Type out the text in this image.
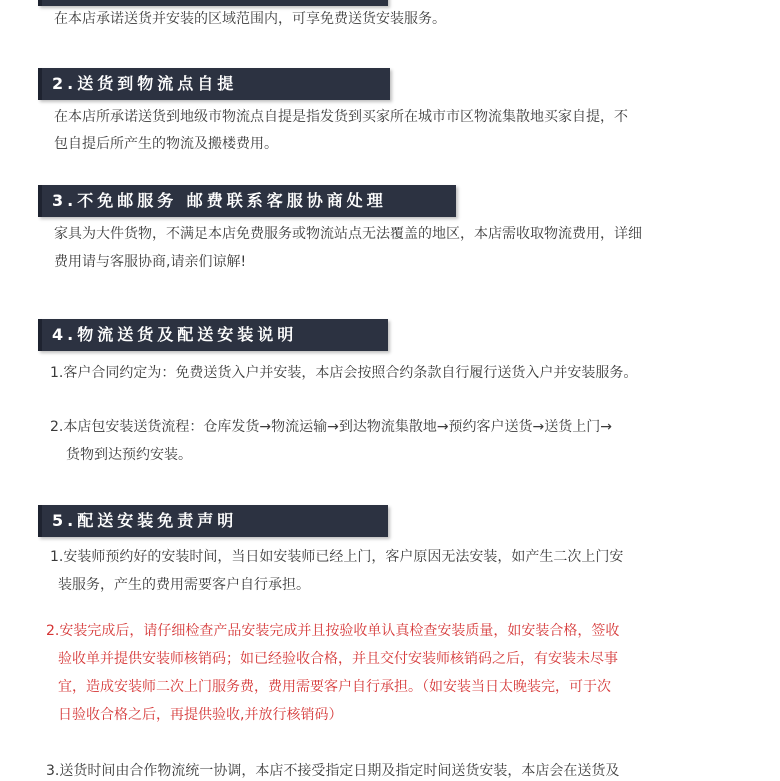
在本店承诺送货并安装的区域范围内，可享免费送货安装服务。
2.送货到物流点自提
在本店所承诺送货到地级市物流点自提是指发货到买家所在城市市区物流集散地买家自提，不
包自提后所产生的物流及搬楼费用。
3.不免邮服务 邮费联系客服协商处理
家具为大件货物，不满足本店免费服务或物流站点无法覆盖的地区，本店需收取物流费用，详细
费用请与客服协商,请亲们谅解!
4.物流送货及配送安装说明
1.客户合同约定为：免费送货入户并安装，本店会按照合约条款自行履行送货入户并安装服务。
2.本店包安装送货流程：仓库发货→物流运输→到达物流集散地→预约客户送货→送货上门→
货物到达预约安装。
5.配送安装免责声明
1.安装师预约好的安装时间，当日如安装师已经上门，客户原因无法安装，如产生二次上门安
装服务，产生的费用需要客户自行承担。
2.安装完成后，请仔细检查产品安装完成并且按验收单认真检查安装质量，如安装合格，签收
验收单并提供安装师核销码；如已经验收合格，并且交付安装师核销码之后，有安装未尽事
宜，造成安装师二次上门服务费，费用需要客户自行承担。（如安装当日太晚装完，可于次
日验收合格之后，再提供验收,并放行核销码）
3.送货时间由合作物流统一协调，本店不接受指定日期及指定时间送货安装，本店会在送货及
